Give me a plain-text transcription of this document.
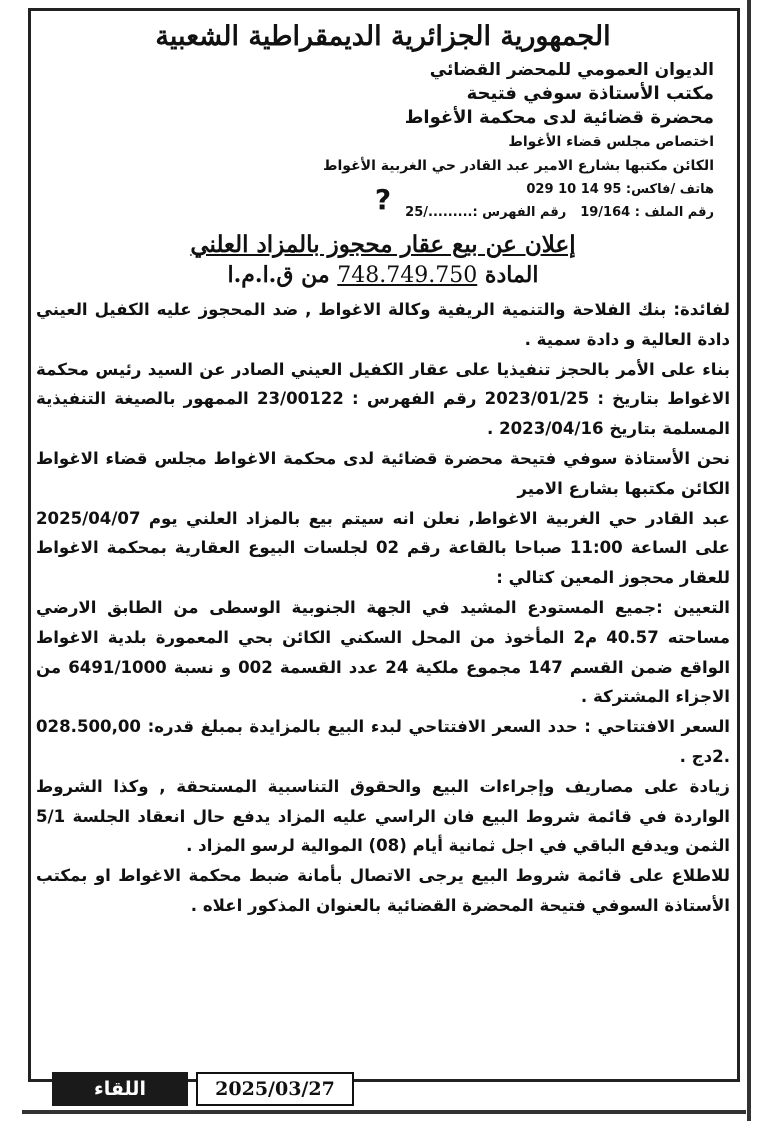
الجمهورية الجزائرية الديمقراطية الشعبية
الديوان العمومي للمحضر القضائي
مكتب الأستاذة سوفي فتيحة
محضرة قضائية لدى محكمة الأغواط
اختصاص مجلس قضاء الأغواط
الكائن مكتبها بشارع الامير عبد القادر حي الغربية الأغواط
هاتف /فاكس: 95 14 10 029
رقم الملف : 19/164
رقم الفهرس :........./25
?
إعلان عن بيع عقار محجوز بالمزاد العلني
المادة 748.749.750 من ق.ا.م.ا

لفائدة: بنك الفلاحة والتنمية الريفية وكالة الاغواط , ضد المحجوز عليه الكفيل العيني دادة العالية و دادة سمية .

بناء على الأمر بالحجز تنفيذيا على عقار الكفيل العيني الصادر عن السيد رئيس محكمة الاغواط بتاريخ : 2023/01/25 رقم الفهرس : 23/00122 الممهور بالصيغة التنفيذية المسلمة بتاريخ 2023/04/16 .

نحن الأستاذة سوفي فتيحة محضرة قضائية لدى محكمة الاغواط مجلس قضاء الاغواط الكائن مكتبها بشارع الامير

عبد القادر حي الغربية الاغواط, نعلن انه سيتم بيع بالمزاد العلني يوم 2025/04/07 على الساعة 11:00 صباحا بالقاعة رقم 02 لجلسات البيوع العقارية بمحكمة الاغواط للعقار محجوز المعين كتالي :

التعيين :جميع المستودع المشيد في الجهة الجنوبية الوسطى من الطابق الارضي مساحته 40.57 م2 المأخوذ من المحل السكني الكائن بحي المعمورة بلدية الاغواط الواقع ضمن القسم 147 مجموع ملكية 24 عدد القسمة 002 و نسبة 6491/1000 من الاجزاء المشتركة .

السعر الافتتاحي : حدد السعر الافتتاحي لبدء البيع بالمزايدة بمبلغ قدره: 028.500,00 .2دج .

زيادة على مصاريف وإجراءات البيع والحقوق التناسبية المستحقة , وكذا الشروط الواردة في قائمة شروط البيع فان الراسي عليه المزاد يدفع حال انعقاد الجلسة 5/1 الثمن ويدفع الباقي في اجل ثمانية أيام (08) الموالية لرسو المزاد .

للاطلاع على قائمة شروط البيع يرجى الاتصال بأمانة ضبط محكمة الاغواط او بمكتب الأستاذة السوفي فتيحة المحضرة القضائية بالعنوان المذكور اعلاه .

اللقاء	2025/03/27
